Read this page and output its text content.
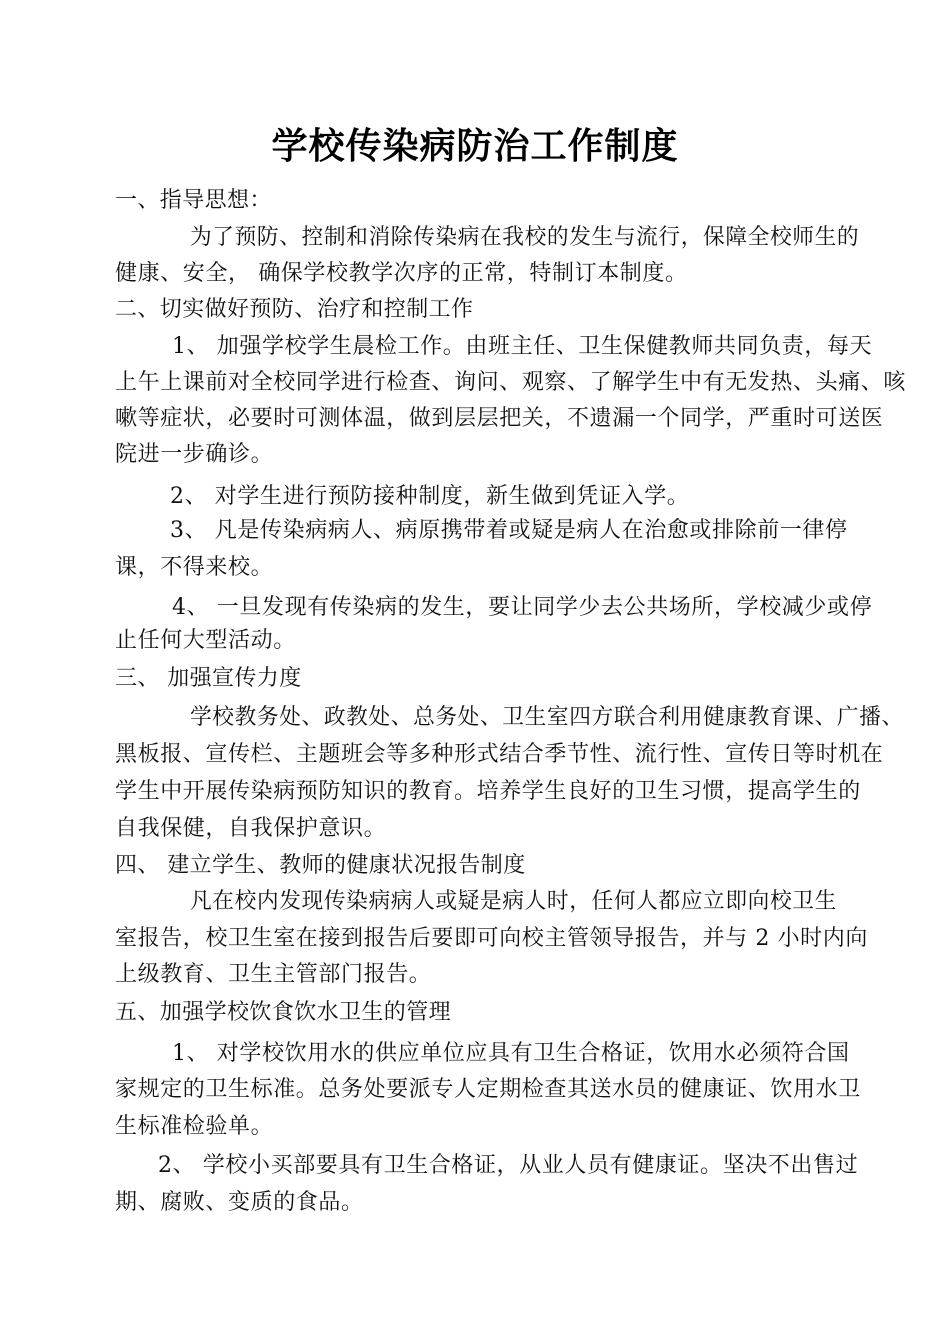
学校传染病防治工作制度
一、指导思想：
为了预防、控制和消除传染病在我校的发生与流行，保障全校师生的
健康、安全， 确保学校教学次序的正常，特制订本制度。
二、切实做好预防、治疗和控制工作
1、 加强学校学生晨检工作。由班主任、卫生保健教师共同负责，每天
上午上课前对全校同学进行检查、询问、观察、了解学生中有无发热、头痛、咳
嗽等症状，必要时可测体温，做到层层把关，不遗漏一个同学，严重时可送医
院进一步确诊。
2、 对学生进行预防接种制度，新生做到凭证入学。
3、 凡是传染病病人、病原携带着或疑是病人在治愈或排除前一律停
课，不得来校。
4、 一旦发现有传染病的发生，要让同学少去公共场所，学校减少或停
止任何大型活动。
三、 加强宣传力度
学校教务处、政教处、总务处、卫生室四方联合利用健康教育课、广播、
黑板报、宣传栏、主题班会等多种形式结合季节性、流行性、宣传日等时机在
学生中开展传染病预防知识的教育。培养学生良好的卫生习惯，提高学生的
自我保健，自我保护意识。
四、 建立学生、教师的健康状况报告制度
凡在校内发现传染病病人或疑是病人时，任何人都应立即向校卫生
室报告，校卫生室在接到报告后要即可向校主管领导报告，并与 2 小时内向
上级教育、卫生主管部门报告。
五、加强学校饮食饮水卫生的管理
1、 对学校饮用水的供应单位应具有卫生合格证，饮用水必须符合国
家规定的卫生标准。总务处要派专人定期检查其送水员的健康证、饮用水卫
生标准检验单。
2、 学校小买部要具有卫生合格证，从业人员有健康证。坚决不出售过
期、腐败、变质的食品。
